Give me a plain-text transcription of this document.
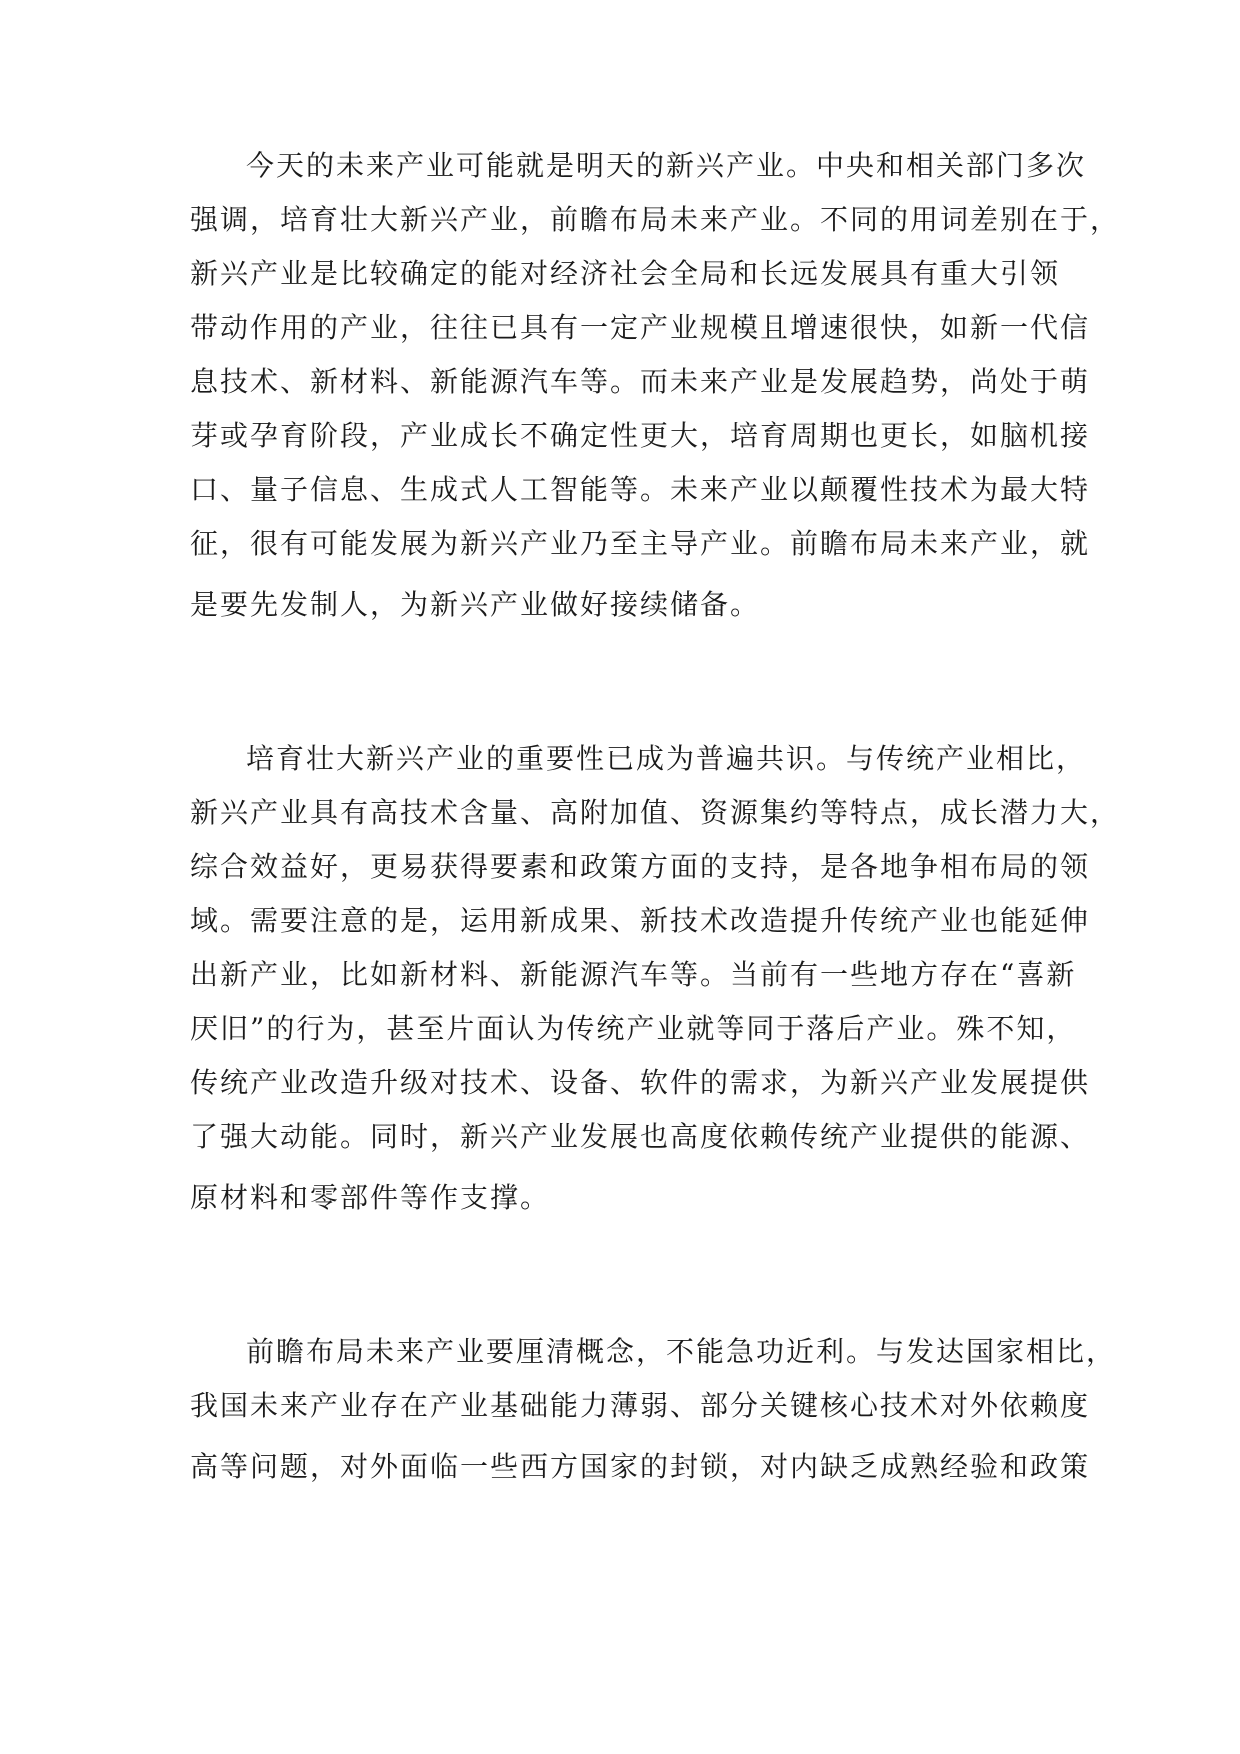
今天的未来产业可能就是明天的新兴产业。中央和相关部门多次
强调，培育壮大新兴产业，前瞻布局未来产业。不同的用词差别在于，
新兴产业是比较确定的能对经济社会全局和长远发展具有重大引领
带动作用的产业，往往已具有一定产业规模且增速很快，如新一代信
息技术、新材料、新能源汽车等。而未来产业是发展趋势，尚处于萌
芽或孕育阶段，产业成长不确定性更大，培育周期也更长，如脑机接
口、量子信息、生成式人工智能等。未来产业以颠覆性技术为最大特
征，很有可能发展为新兴产业乃至主导产业。前瞻布局未来产业，就
是要先发制人，为新兴产业做好接续储备。
培育壮大新兴产业的重要性已成为普遍共识。与传统产业相比，
新兴产业具有高技术含量、高附加值、资源集约等特点，成长潜力大，
综合效益好，更易获得要素和政策方面的支持，是各地争相布局的领
域。需要注意的是，运用新成果、新技术改造提升传统产业也能延伸
出新产业，比如新材料、新能源汽车等。当前有一些地方存在“喜新
厌旧”的行为，甚至片面认为传统产业就等同于落后产业。殊不知，
传统产业改造升级对技术、设备、软件的需求，为新兴产业发展提供
了强大动能。同时，新兴产业发展也高度依赖传统产业提供的能源、
原材料和零部件等作支撑。
前瞻布局未来产业要厘清概念，不能急功近利。与发达国家相比，
我国未来产业存在产业基础能力薄弱、部分关键核心技术对外依赖度
高等问题，对外面临一些西方国家的封锁，对内缺乏成熟经验和政策
